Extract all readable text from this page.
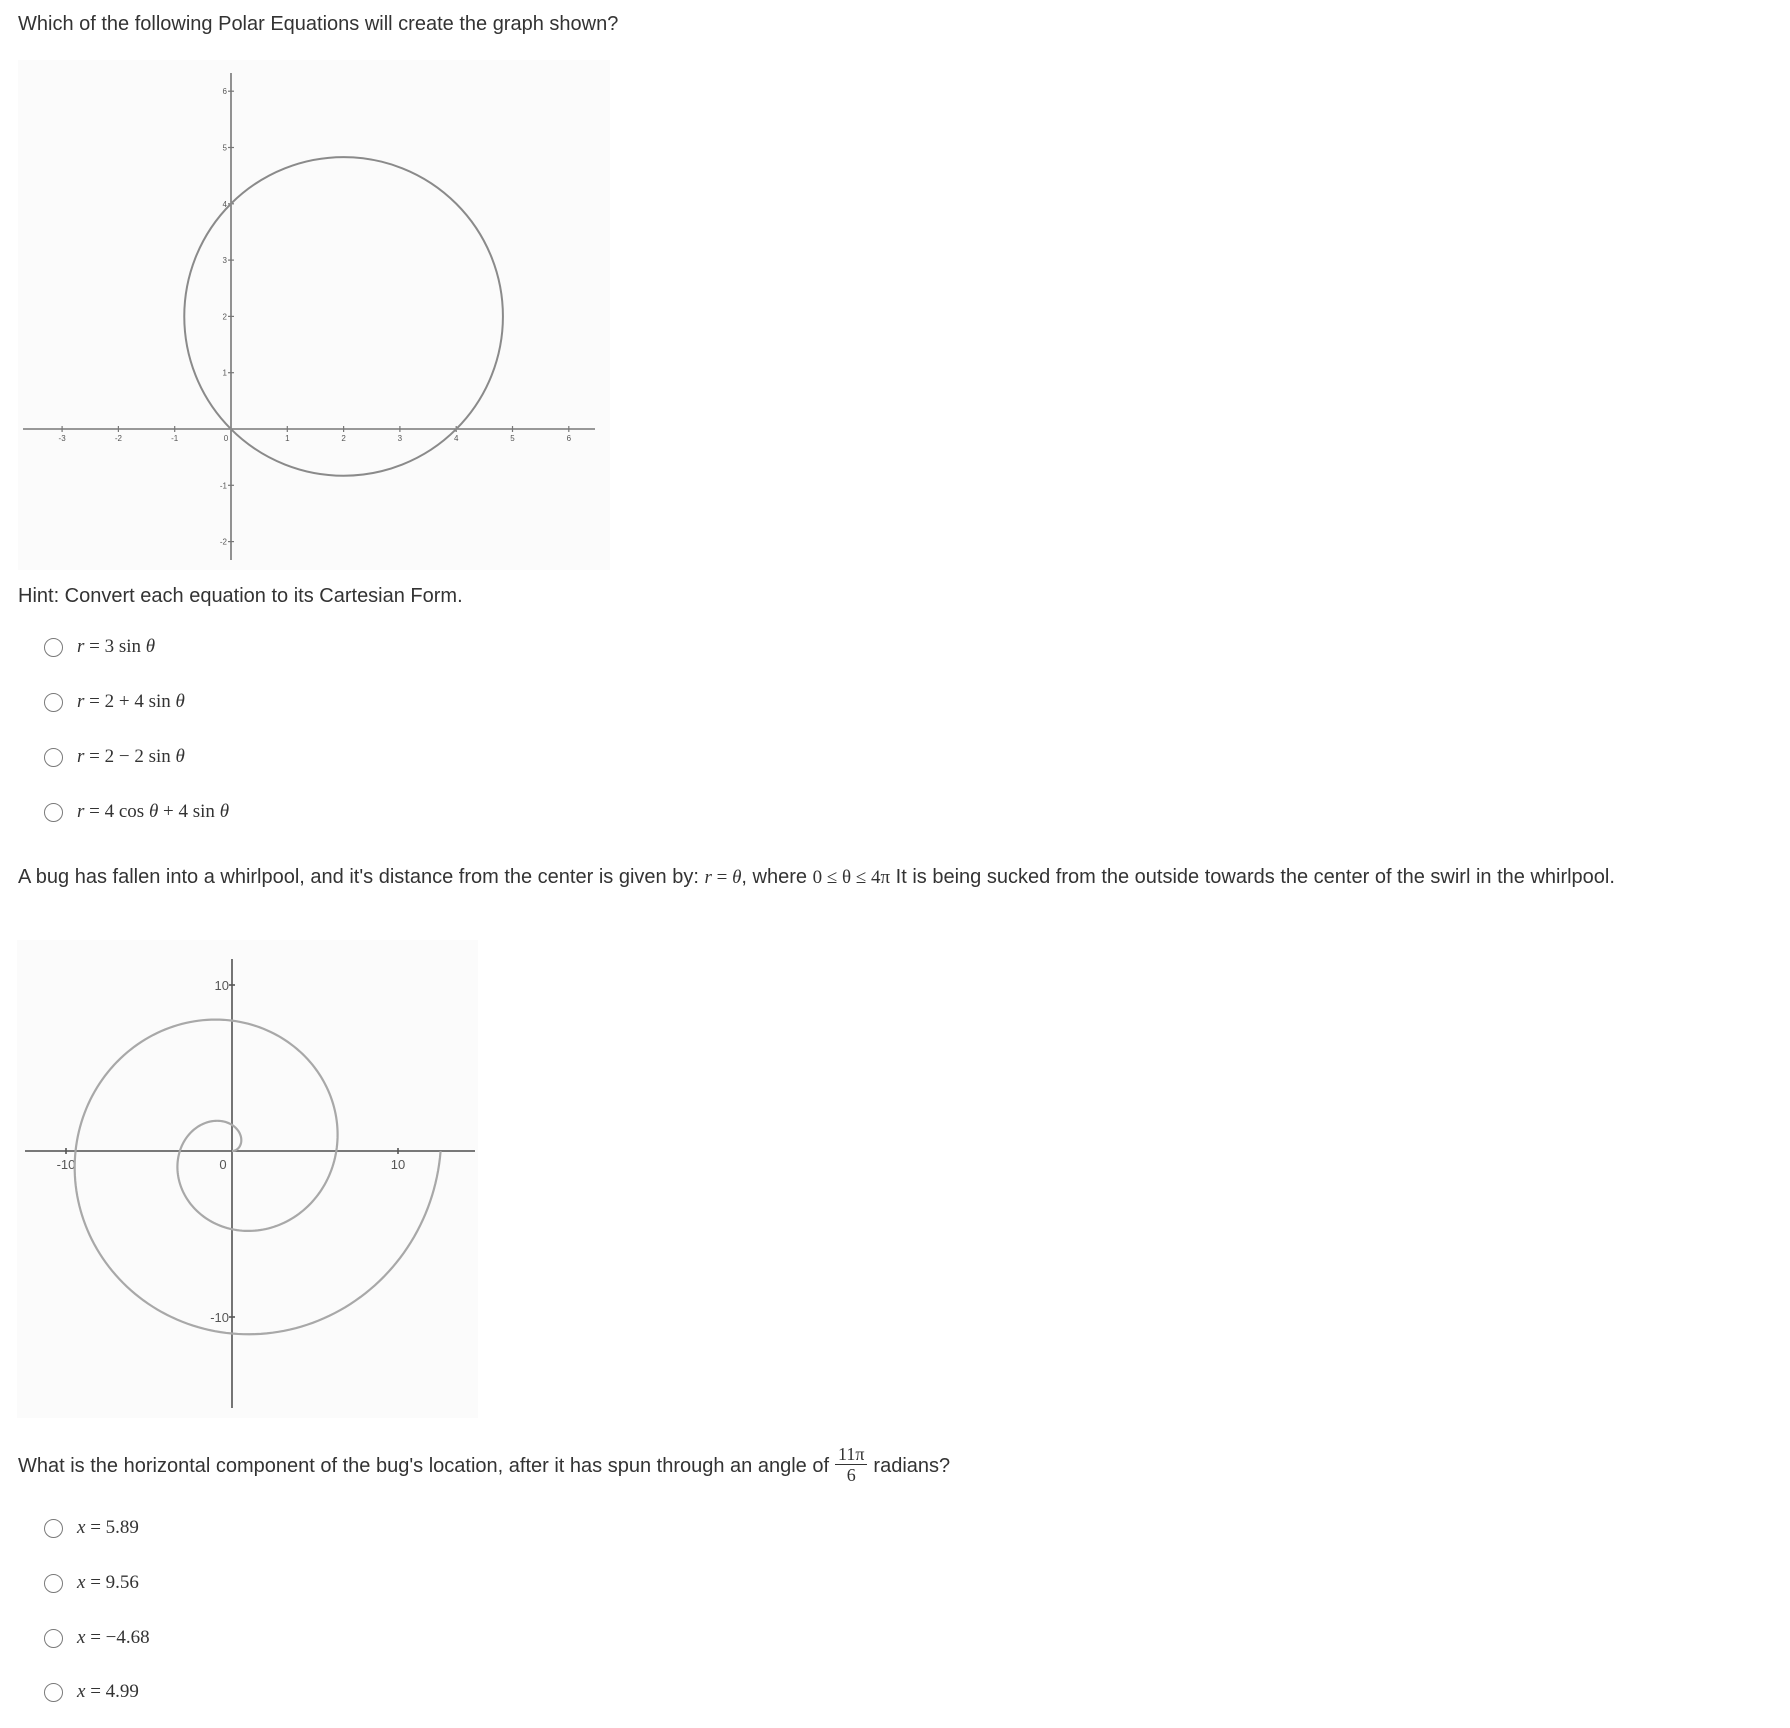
Which of the following Polar Equations will create the graph shown?
-3	-2	-1	0	1	2	3	4	5	6
-2
-1
1
2
3
4
5
6
Hint: Convert each equation to its Cartesian Form.
r = 3 sin θ
r = 2 + 4 sin θ
r = 2 − 2 sin θ
r = 4 cos θ + 4 sin θ
A bug has fallen into a whirlpool, and it's distance from the center is given by: r = θ, where 0 ≤ θ ≤ 4π It is being sucked from the outside towards the center of the swirl in the whirlpool.
-10	0	10
10
-10
What is the horizontal component of the bug's location, after it has spun through an angle of $\frac{11\pi}{6}$ radians?
x = 5.89
x = 9.56
x = −4.68
x = 4.99
